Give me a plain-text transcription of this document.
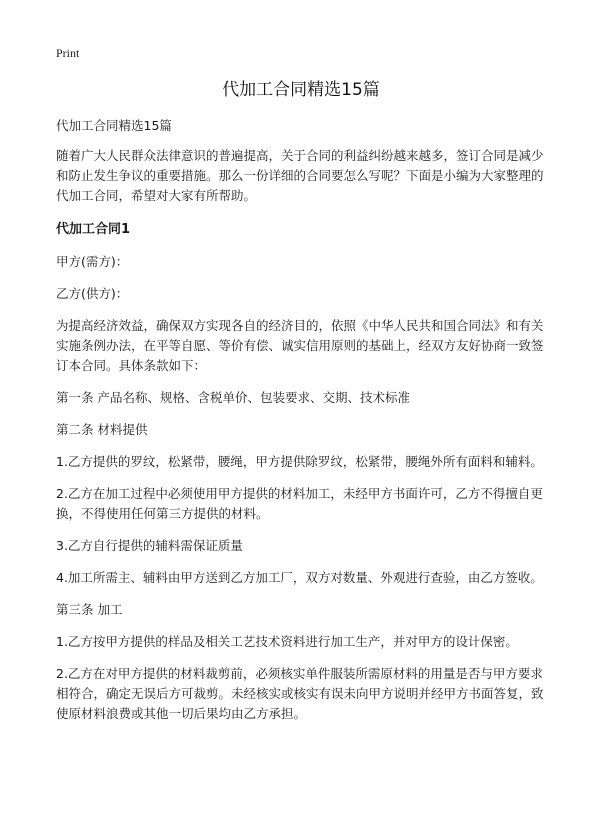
Print
代加工合同精选15篇

代加工合同精选15篇

随着广大人民群众法律意识的普遍提高，关于合同的利益纠纷越来越多，签订合同是减少和防止发生争议的重要措施。那么一份详细的合同要怎么写呢？下面是小编为大家整理的代加工合同，希望对大家有所帮助。

代加工合同1

甲方(需方)：

乙方(供方)：

为提高经济效益，确保双方实现各自的经济目的，依照《中华人民共和国合同法》和有关实施条例办法，在平等自愿、等价有偿、诚实信用原则的基础上，经双方友好协商一致签订本合同。具体条款如下：

第一条 产品名称、规格、含税单价、包装要求、交期、技术标准

第二条 材料提供

1.乙方提供的罗纹，松紧带，腰绳，甲方提供除罗纹，松紧带，腰绳外所有面料和辅料。

2.乙方在加工过程中必须使用甲方提供的材料加工，未经甲方书面许可，乙方不得擅自更换，不得使用任何第三方提供的材料。

3.乙方自行提供的辅料需保证质量

4.加工所需主、辅料由甲方送到乙方加工厂，双方对数量、外观进行查验，由乙方签收。

第三条 加工

1.乙方按甲方提供的样品及相关工艺技术资料进行加工生产，并对甲方的设计保密。

2.乙方在对甲方提供的材料裁剪前，必须核实单件服装所需原材料的用量是否与甲方要求相符合，确定无误后方可裁剪。未经核实或核实有误未向甲方说明并经甲方书面答复，致使原材料浪费或其他一切后果均由乙方承担。
